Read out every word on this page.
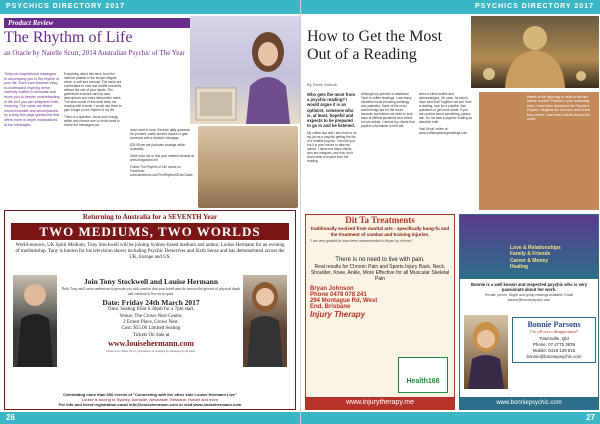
PSYCHICS DIRECTORY 2017
Product Review
The Rhythm of Life
an Oracle by Narelle Scurr, 2014 Australian Psychic of The Year
Thirty-six inspirational messages to accompany you to the rhythm of your life. Each card features easy-to-understand rhyming verse, carefully crafted to stimulate and move you to deeper understanding of life as if you are whispered their meaning. The cards are tinted monochromatic and accompanied by a forty-five page guidebook that offers more in-depth explanations of the messages.

Everything about this deck, from the rainbow pastels to the simple elegant verse, is soft and sensual. The cards are comfortable to hold and shuffle smoothly without the use of your hands. The guidebook includes card-by-card descriptions and extra interpretive notes. The wise words of this deck keep me reading with a smile. I would use them to gain insight on the rhythm of my life.

Think of a question, focus your energy within and choose one or more cards to reveal the messages you

most need to hear. Receive daily guidance for yourself, clarify specific issues or gain someone with a decision message.

$29.95 per set (includes postage within Australia).

Order your set or find your nearest stockist at www.indigotarot.net

Follow The Rhythm of Life oracle on Facebook: www.facebook.com/TheRhythmOfLifeOracle

Returning to Australia for a SEVENTH Year
TWO MEDIUMS, TWO WORLDS
World-renown, UK Spirit Medium, Tony Stockwell will be joining Sydney-based medium and author, Louise Hermann for an evening of mediumship. Tony is known for his television shows including Psychic Detectives and Sixth Sense and has demonstrated across the UK, Europe and US.
Join Tony Stockwell and Louise Hermann
Both Tony and Louise endeavour to provide you with comfort that your loved ones do survive the process of physical death and continue to live on in spirit.
Date: Friday 24th March 2017
Time: Seating from 6.30pm for a 7pm start.
Venue: The Crows Nest Centre,
2 Ernest Place, Crows Nest.
Cost: $55.00 Limited Seating
Tickets On Sale at
www.louisehermann.com
Please note: There are no guarantees, as readings are messages from spirit.
Celebrating more than 600 events of "Connecting with the other side Louise Hermann Live"
Louise is touring to Sydney, Adelaide, Newcastle, Brisbane, Hobart and more
For info and event registration email info@louisehermann.com or visit www.louisehermann.com
26
PSYCHICS DIRECTORY 2017
How to Get the Most Out of a Reading
By Denis Suburb

Who gets the most from a psychic reading? I would argue it is an optimist, someone who is, at least, hopeful and expects to be prepared to go in and be listened.

My coffee-cup and I are more to do my job as a psychic getting the tile of a reliable psychic. I can tell you, but it is your choice to take my advice. I have met many clients who are intrigued, and who don't know what to expect from the reading.

Although my practice is traditional Tarot in coffee readings, I use many divination tools including astrology and palmistry. Some of the most useful things are for the future because sometimes we need to look back at difficult situations and others to look ahead. I remind my clients that psychic information is free will.

when a client smiles and acknowledges. Oh yeah, he would have said that! Together we sort from a reading, look for a positive. Ask questions to get more detail. If you are unclear about something, please ask. Do not take a psychic reading as absolute truth.

Visit Denis' online at www.coffeespeakingreadings.com

Heads is the right way to write in the last twelve months! Thanks to your continuing trust. I have been described the Psychic's Psychic. Regards the rest who seek it and from where I have been clients around the world.
Dit Ta Treatments
traditionally evolved from martial arts - specifically kung-fu and the treatment of combat and training injuries.
"I am very grateful to have been recommended to Bryan by a friend."
There is no need to live with pain.
Real results for Chronic Pain and Sports Injury Back, Neck, Shoulder, Knee, Ankle, More Effective for all Muscular Skeletal Pain
Bryan Johnson
Phone 0478 078 241
294 Montague Rd, West End, Brisbane
Injury Therapy
Health168
www.injurytherapy.me
Love & Relationships
Family & Friends
Career & Money
Healing
Bonnie is a well known and respected psychic who is very passionate about her work.
Private, phone, Skype and group readings available. Email bonnie@bonniepsychic.com
Bonnie Parsons
I've all set to disappointed!
Townsville, Qld
Phone: 07 4775 3939
Mobile: 0419 129 915
bonnie@bonniepsychic.com
www.bonniepsychic.com
27
